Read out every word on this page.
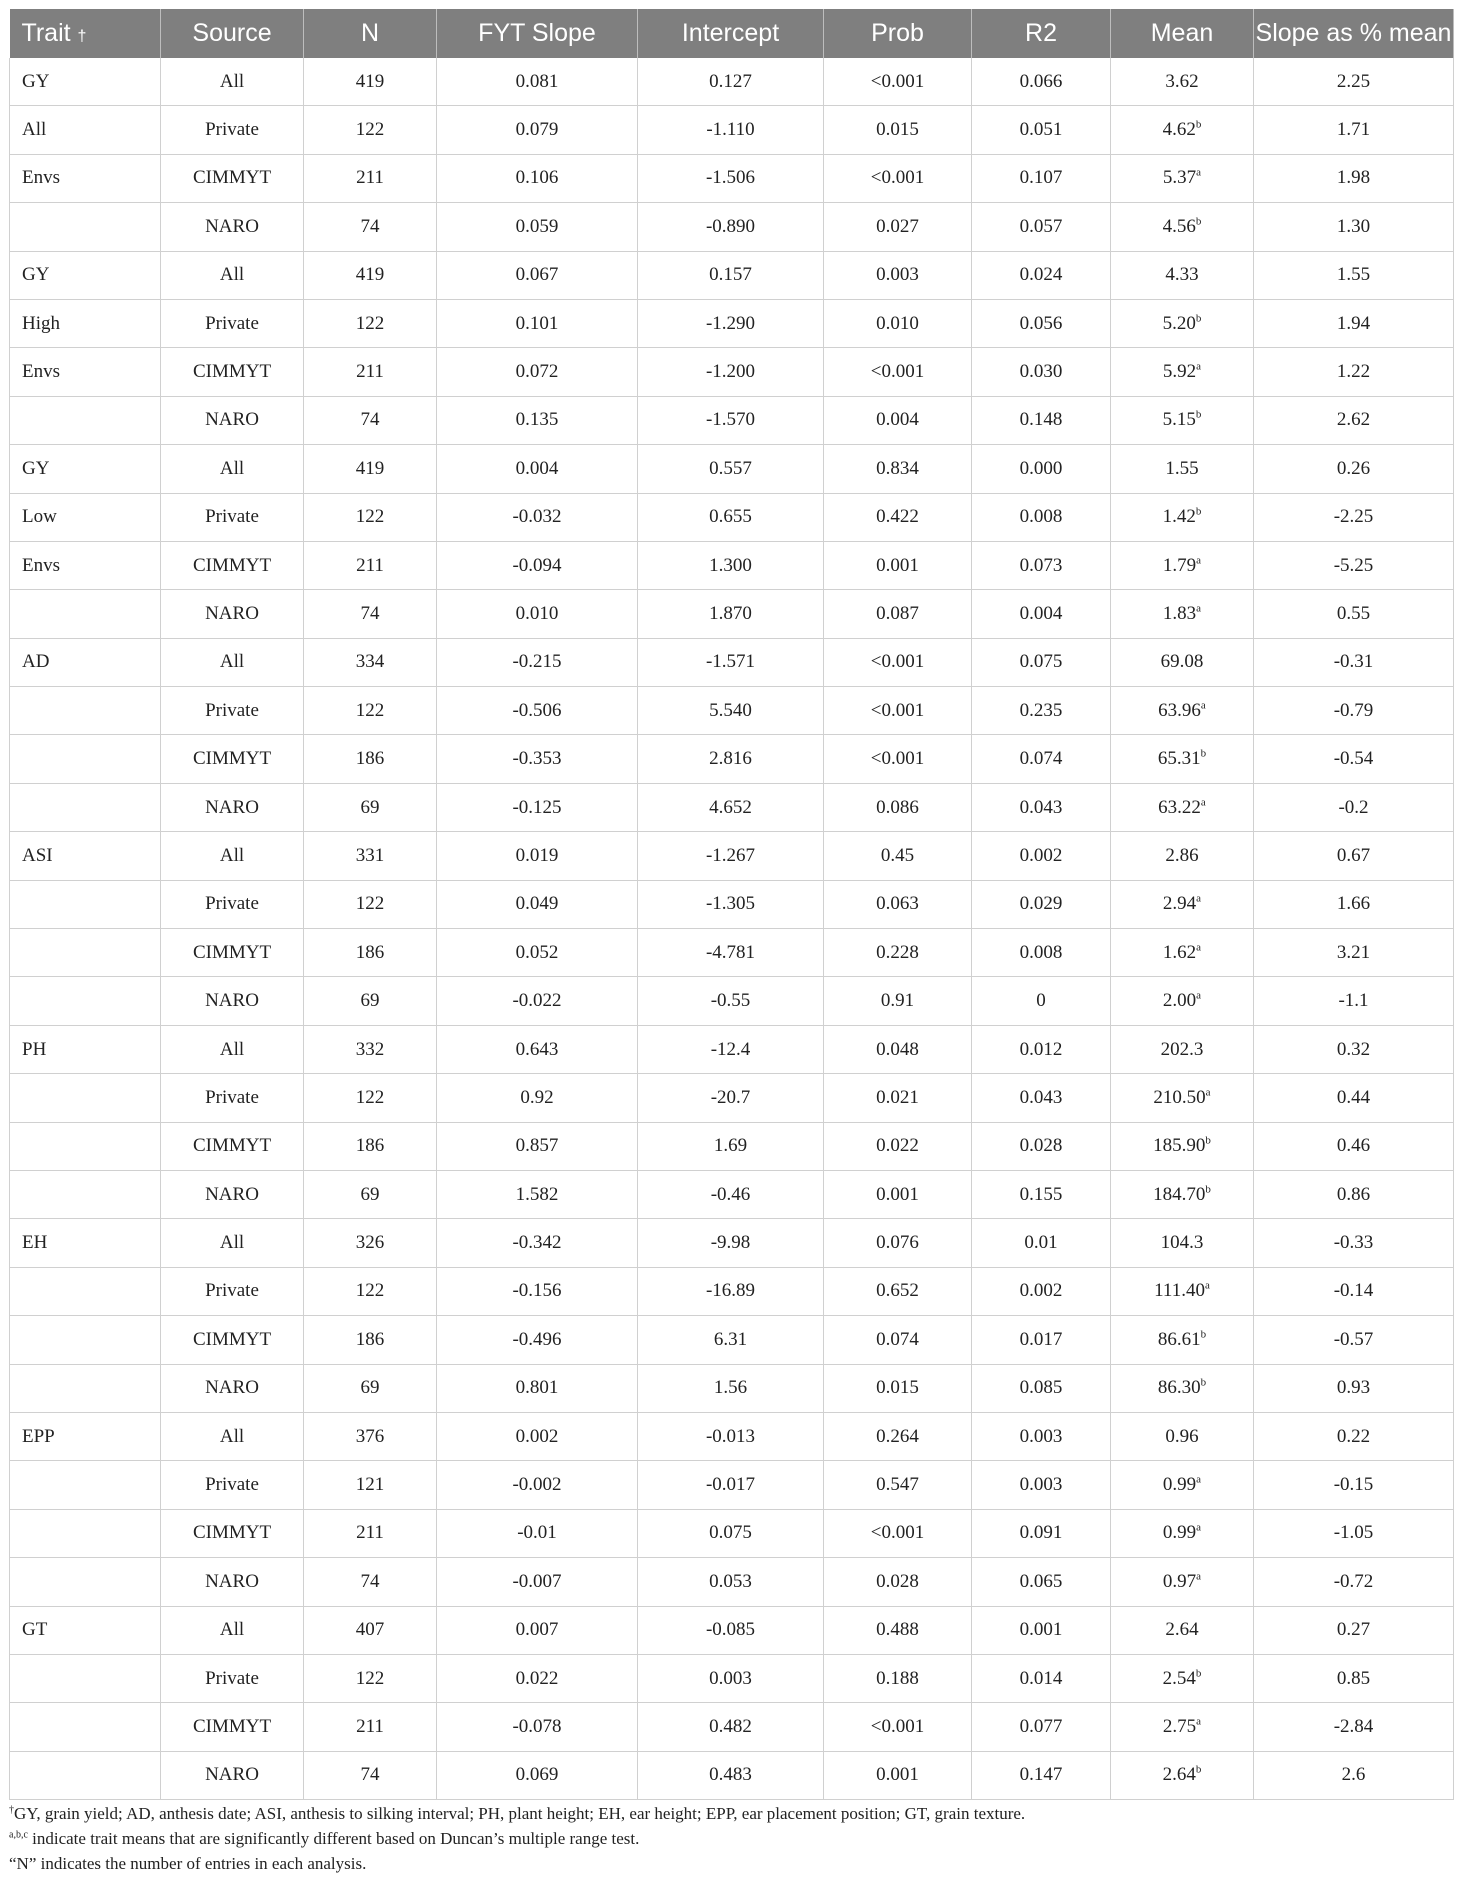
Trait †	Source	N	FYT Slope	Intercept	Prob	R2	Mean	Slope as % mean
GY	All	419	0.081	0.127	<0.001	0.066	3.62	2.25
All	Private	122	0.079	-1.110	0.015	0.051	4.62$^b$	1.71
Envs	CIMMYT	211	0.106	-1.506	<0.001	0.107	5.37$^a$	1.98
	NARO	74	0.059	-0.890	0.027	0.057	4.56$^b$	1.30
GY	All	419	0.067	0.157	0.003	0.024	4.33	1.55
High	Private	122	0.101	-1.290	0.010	0.056	5.20$^b$	1.94
Envs	CIMMYT	211	0.072	-1.200	<0.001	0.030	5.92$^a$	1.22
	NARO	74	0.135	-1.570	0.004	0.148	5.15$^b$	2.62
GY	All	419	0.004	0.557	0.834	0.000	1.55	0.26
Low	Private	122	-0.032	0.655	0.422	0.008	1.42$^b$	-2.25
Envs	CIMMYT	211	-0.094	1.300	0.001	0.073	1.79$^a$	-5.25
	NARO	74	0.010	1.870	0.087	0.004	1.83$^a$	0.55
AD	All	334	-0.215	-1.571	<0.001	0.075	69.08	-0.31
	Private	122	-0.506	5.540	<0.001	0.235	63.96$^a$	-0.79
	CIMMYT	186	-0.353	2.816	<0.001	0.074	65.31$^b$	-0.54
	NARO	69	-0.125	4.652	0.086	0.043	63.22$^a$	-0.2
ASI	All	331	0.019	-1.267	0.45	0.002	2.86	0.67
	Private	122	0.049	-1.305	0.063	0.029	2.94$^a$	1.66
	CIMMYT	186	0.052	-4.781	0.228	0.008	1.62$^a$	3.21
	NARO	69	-0.022	-0.55	0.91	0	2.00$^a$	-1.1
PH	All	332	0.643	-12.4	0.048	0.012	202.3	0.32
	Private	122	0.92	-20.7	0.021	0.043	210.50$^a$	0.44
	CIMMYT	186	0.857	1.69	0.022	0.028	185.90$^b$	0.46
	NARO	69	1.582	-0.46	0.001	0.155	184.70$^b$	0.86
EH	All	326	-0.342	-9.98	0.076	0.01	104.3	-0.33
	Private	122	-0.156	-16.89	0.652	0.002	111.40$^a$	-0.14
	CIMMYT	186	-0.496	6.31	0.074	0.017	86.61$^b$	-0.57
	NARO	69	0.801	1.56	0.015	0.085	86.30$^b$	0.93
EPP	All	376	0.002	-0.013	0.264	0.003	0.96	0.22
	Private	121	-0.002	-0.017	0.547	0.003	0.99$^a$	-0.15
	CIMMYT	211	-0.01	0.075	<0.001	0.091	0.99$^a$	-1.05
	NARO	74	-0.007	0.053	0.028	0.065	0.97$^a$	-0.72
GT	All	407	0.007	-0.085	0.488	0.001	2.64	0.27
	Private	122	0.022	0.003	0.188	0.014	2.54$^b$	0.85
	CIMMYT	211	-0.078	0.482	<0.001	0.077	2.75$^a$	-2.84
	NARO	74	0.069	0.483	0.001	0.147	2.64$^b$	2.6

†GY, grain yield; AD, anthesis date; ASI, anthesis to silking interval; PH, plant height; EH, ear height; EPP, ear placement position; GT, grain texture.

$^{a,b,c}$ indicate trait means that are significantly different based on Duncan’s multiple range test.

“N” indicates the number of entries in each analysis.
